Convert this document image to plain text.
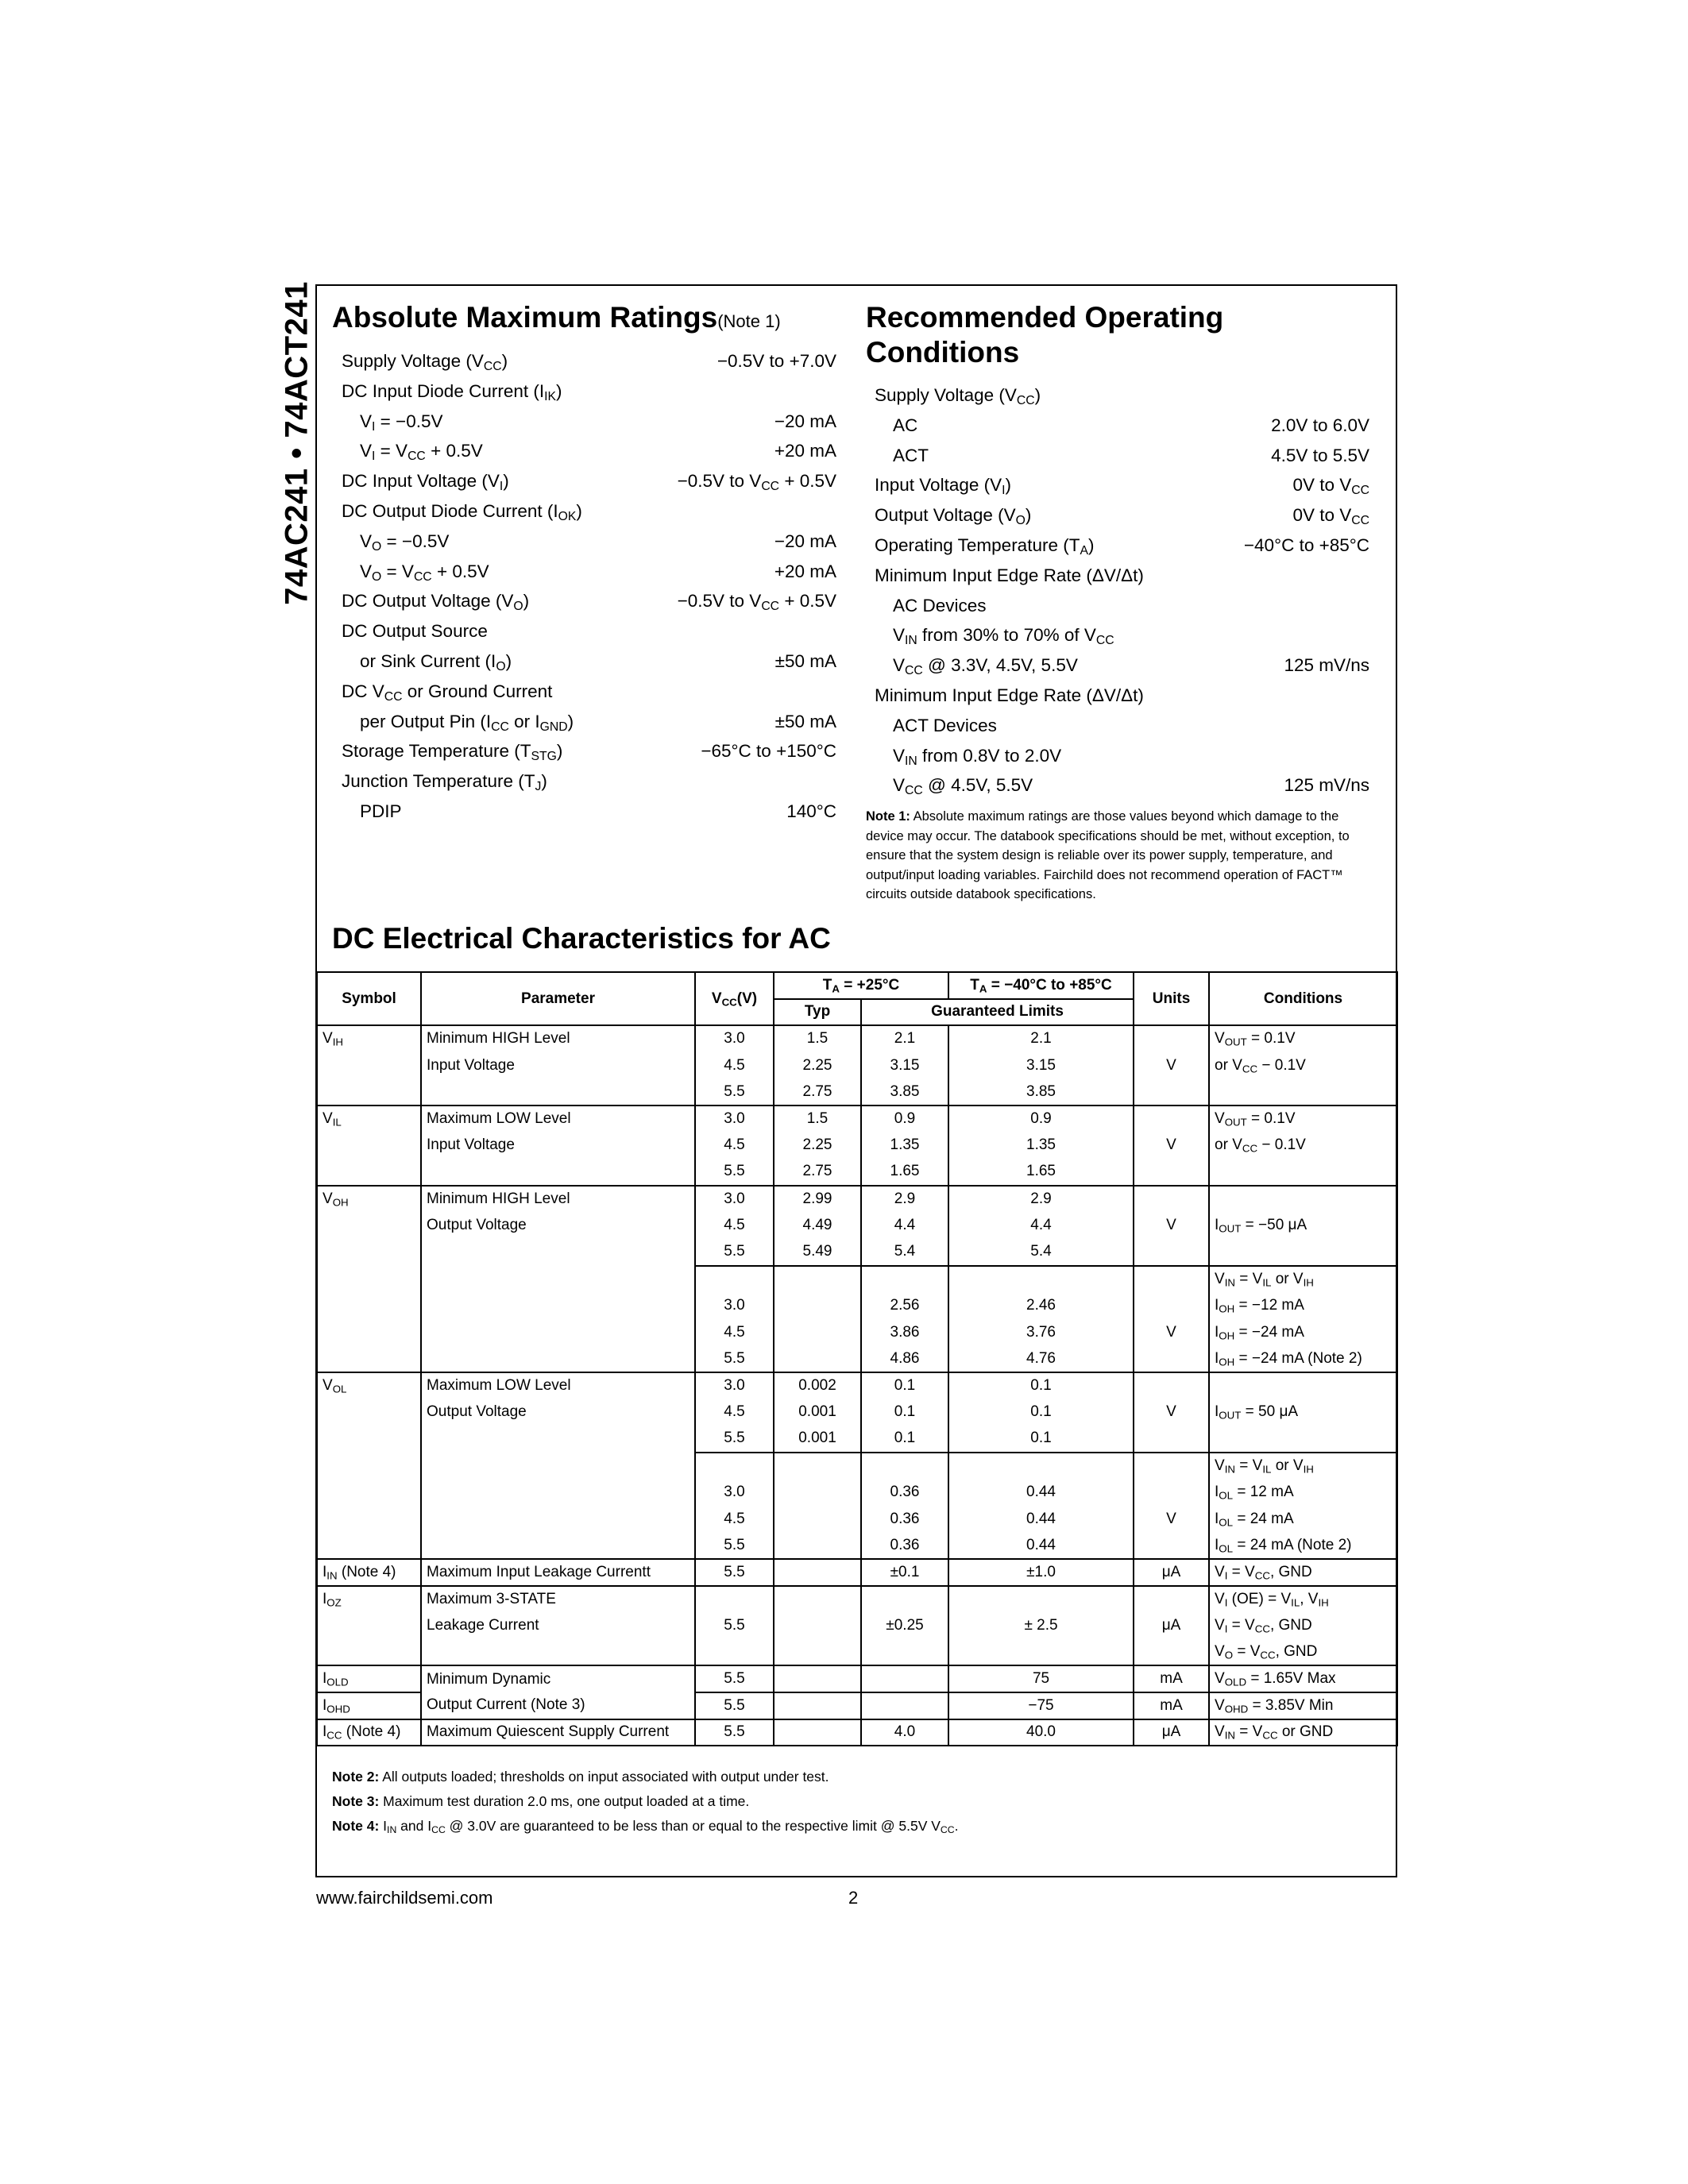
74AC241 • 74ACT241 Absolute Maximum Ratings(Note 1)
Supply Voltage $(V_{CC})$	−0.5V to +7.0V
DC Input Diode Current $(I_{IK})$
$V_I = -0.5V$	−20 mA
$V_I = V_{CC} + 0.5V$	+20 mA
DC Input Voltage $(V_I)$	−0.5V to $V_{CC} + 0.5V$
DC Output Diode Current $(I_{OK})$
$V_O = -0.5V$	−20 mA
$V_O = V_{CC} + 0.5V$	+20 mA
DC Output Voltage $(V_O)$	−0.5V to $V_{CC} + 0.5V$
DC Output Source
or Sink Current $(I_O)$	±50 mA
DC $V_{CC}$ or Ground Current
per Output Pin ($I_{CC}$ or $I_{GND}$)	±50 mA
Storage Temperature $(T_{STG})$	−65°C to +150°C
Junction Temperature $(T_J)$
PDIP	140°C
Recommended Operating
Conditions
Supply Voltage $(V_{CC})$
AC	2.0V to 6.0V
ACT	4.5V to 5.5V
Input Voltage $(V_I)$	0V to $V_{CC}$
Output Voltage $(V_O)$	0V to $V_{CC}$
Operating Temperature $(T_A)$	−40°C to +85°C
Minimum Input Edge Rate (ΔV/Δt)
AC Devices
$V_{IN}$ from 30% to 70% of $V_{CC}$
$V_{CC}$ @ 3.3V, 4.5V, 5.5V	125 mV/ns
Minimum Input Edge Rate (ΔV/Δt)
ACT Devices
$V_{IN}$ from 0.8V to 2.0V
$V_{CC}$ @ 4.5V, 5.5V	125 mV/ns
Note 1: Absolute maximum ratings are those values beyond which damage to the device may occur. The databook specifications should be met, without exception, to ensure that the system design is reliable over its power supply, temperature, and output/input loading variables. Fairchild does not recommend operation of FACT™ circuits outside databook specifications.
DC Electrical Characteristics for AC
Symbol	Parameter	$V_{CC}(V)$	$T_A = +25^\circ C$		$T_A = -40^\circ C$ to +85°C	Units	Conditions
			Typ	Guaranteed Limits			
$V_{IH}$	Minimum HIGH Level	3.0	1.5	2.1	2.1		$V_{OUT} = 0.1V$
	Input Voltage	4.5	2.25	3.15	3.15	V	or $V_{CC} - 0.1V$
		5.5	2.75	3.85	3.85		
$V_{IL}$	Maximum LOW Level	3.0	1.5	0.9	0.9		$V_{OUT} = 0.1V$
	Input Voltage	4.5	2.25	1.35	1.35	V	or $V_{CC} - 0.1V$
		5.5	2.75	1.65	1.65		
$V_{OH}$	Minimum HIGH Level	3.0	2.99	2.9	2.9		
	Output Voltage	4.5	4.49	4.4	4.4	V	$I_{OUT} = -50$ μA
		5.5	5.49	5.4	5.4		
							$V_{IN} = V_{IL}$ or $V_{IH}$
		3.0		2.56	2.46		$I_{OH} = -12$ mA
		4.5		3.86	3.76	V	$I_{OH} = -24$ mA
		5.5		4.86	4.76		$I_{OH} = -24$ mA (Note 2)
$V_{OL}$	Maximum LOW Level	3.0	0.002	0.1	0.1		
	Output Voltage	4.5	0.001	0.1	0.1	V	$I_{OUT} = 50$ μA
		5.5	0.001	0.1	0.1		
							$V_{IN} = V_{IL}$ or $V_{IH}$
		3.0		0.36	0.44		$I_{OL} = 12$ mA
		4.5		0.36	0.44	V	$I_{OL} = 24$ mA
		5.5		0.36	0.44		$I_{OL} = 24$ mA (Note 2)
$I_{IN}$ (Note 4)	Maximum Input Leakage Currentt	5.5		±0.1	±1.0	μA	$V_I = V_{CC}$, GND
$I_{OZ}$	Maximum 3-STATE						$V_I$ $(OE) = V_{IL}$, $V_{IH}$
	Leakage Current	5.5		±0.25	± 2.5	μA	$V_I = V_{CC}$, GND
							$V_O = V_{CC}$, GND
$I_{OLD}$	Minimum Dynamic	5.5			75	mA	$V_{OLD} = 1.65V$ Max
$I_{OHD}$	Output Current (Note 3)	5.5			−75	mA	$V_{OHD} = 3.85V$ Min
$I_{CC}$ (Note 4)	Maximum Quiescent Supply Current	5.5		4.0	40.0	μA	$V_{IN} = V_{CC}$ or GND
Note 2: All outputs loaded; thresholds on input associated with output under test.
Note 3: Maximum test duration 2.0 ms, one output loaded at a time.
Note 4: $I_{IN}$ and $I_{CC}$ @ 3.0V are guaranteed to be less than or equal to the respective limit @ 5.5V $V_{CC}$.
www.fairchildsemi.com	2
